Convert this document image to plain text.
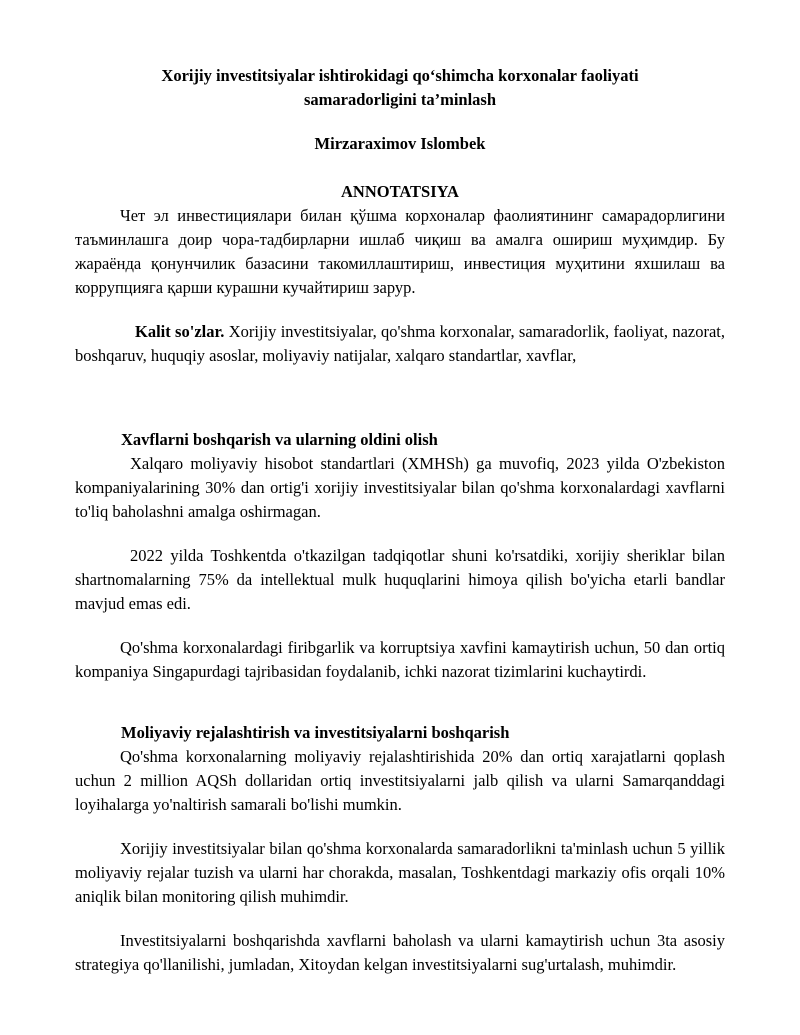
Xorijiy investitsiyalar ishtirokidagi qo‘shimcha korxonalar faoliyati
samaradorligini ta’minlash

Mirzaraximov Islombek

ANNOTATSIYA

Чет эл инвестициялари билан қўшма корхоналар фаолиятининг самарадорлигини таъминлашга доир чора-тадбирларни ишлаб чиқиш ва амалга ошириш муҳимдир. Бу жараёнда қонунчилик базасини такомиллаштириш, инвестиция муҳитини яхшилаш ва коррупцияга қарши курашни кучайтириш зарур.

Kalit so'zlar. Xorijiy investitsiyalar, qo'shma korxonalar, samaradorlik, faoliyat, nazorat, boshqaruv, huquqiy asoslar, moliyaviy natijalar, xalqaro standartlar, xavflar,

Xavflarni boshqarish va ularning oldini olish

Xalqaro moliyaviy hisobot standartlari (XMHSh) ga muvofiq, 2023 yilda O'zbekiston kompaniyalarining 30% dan ortig'i xorijiy investitsiyalar bilan qo'shma korxonalardagi xavflarni to'liq baholashni amalga oshirmagan.

2022 yilda Toshkentda o'tkazilgan tadqiqotlar shuni ko'rsatdiki, xorijiy sheriklar bilan shartnomalarning 75% da intellektual mulk huquqlarini himoya qilish bo'yicha etarli bandlar mavjud emas edi.

Qo'shma korxonalardagi firibgarlik va korruptsiya xavfini kamaytirish uchun, 50 dan ortiq kompaniya Singapurdagi tajribasidan foydalanib, ichki nazorat tizimlarini kuchaytirdi.

Moliyaviy rejalashtirish va investitsiyalarni boshqarish

Qo'shma korxonalarning moliyaviy rejalashtirishida 20% dan ortiq xarajatlarni qoplash uchun 2 million AQSh dollaridan ortiq investitsiyalarni jalb qilish va ularni Samarqanddagi loyihalarga yo'naltirish samarali bo'lishi mumkin.

Xorijiy investitsiyalar bilan qo'shma korxonalarda samaradorlikni ta'minlash uchun 5 yillik moliyaviy rejalar tuzish va ularni har chorakda, masalan, Toshkentdagi markaziy ofis orqali 10% aniqlik bilan monitoring qilish muhimdir.

Investitsiyalarni boshqarishda xavflarni baholash va ularni kamaytirish uchun 3ta asosiy strategiya qo'llanilishi, jumladan, Xitoydan kelgan investitsiyalarni sug'urtalash, muhimdir.
